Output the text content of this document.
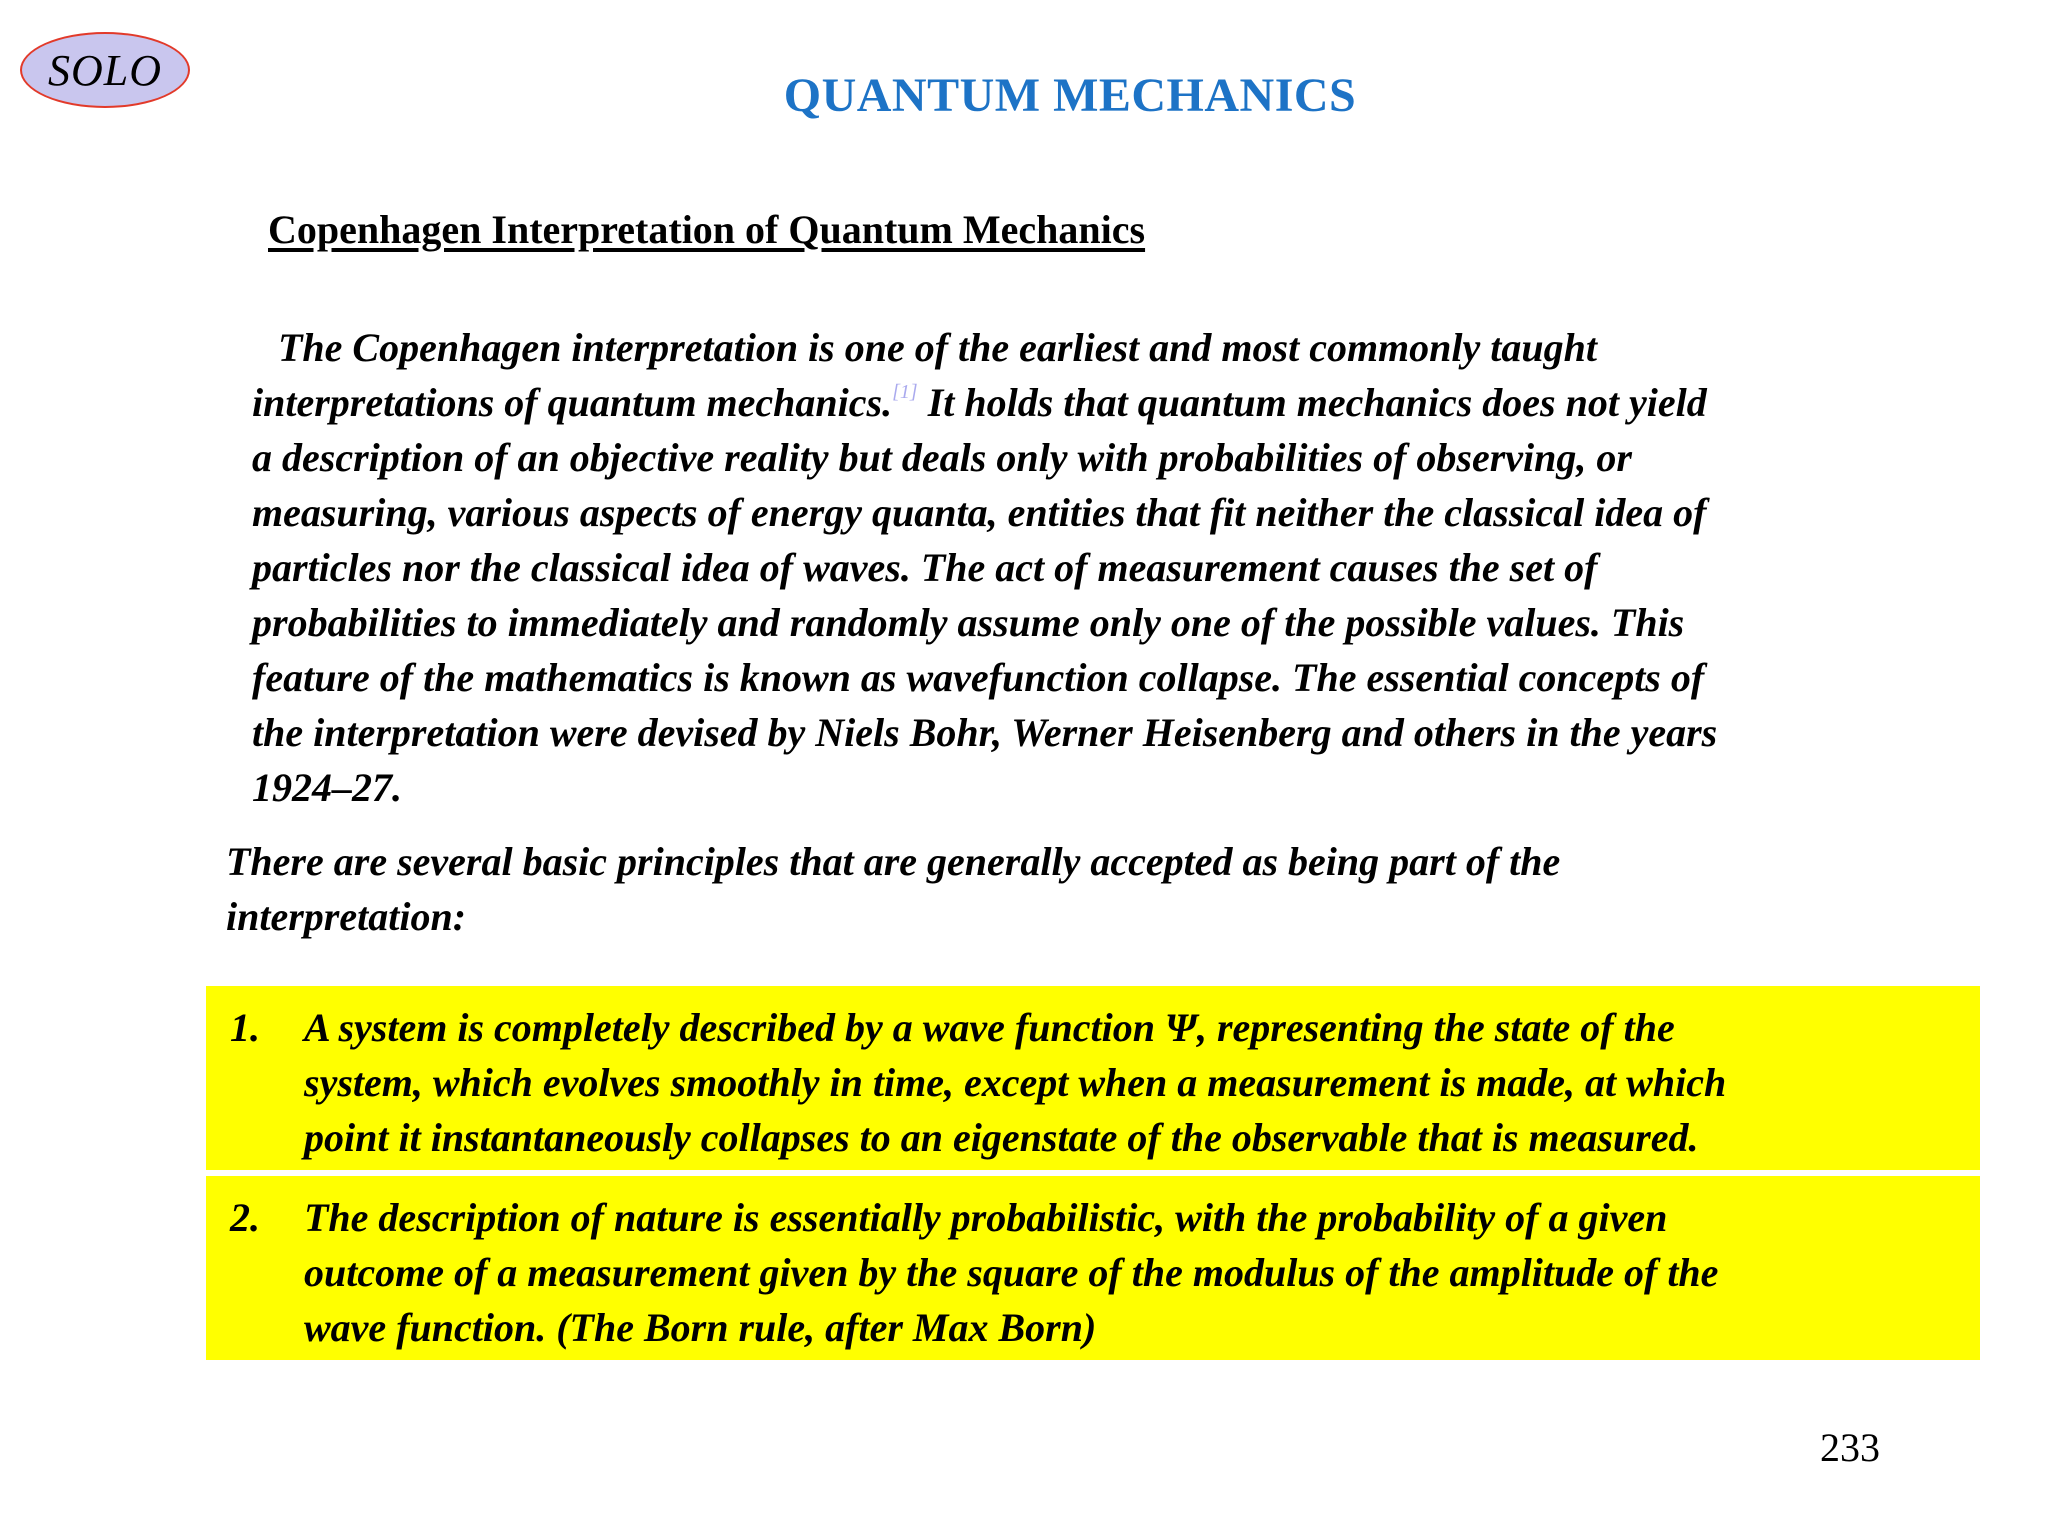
SOLO	QUANTUM MECHANICS
Copenhagen Interpretation of Quantum Mechanics
The Copenhagen interpretation is one of the earliest and most commonly taught
interpretations of quantum mechanics.[1] It holds that quantum mechanics does not yield
a description of an objective reality but deals only with probabilities of observing, or
measuring, various aspects of energy quanta, entities that fit neither the classical idea of
particles nor the classical idea of waves. The act of measurement causes the set of
probabilities to immediately and randomly assume only one of the possible values. This
feature of the mathematics is known as wavefunction collapse. The essential concepts of
the interpretation were devised by Niels Bohr, Werner Heisenberg and others in the years
1924–27.
There are several basic principles that are generally accepted as being part of the
interpretation:
1. A system is completely described by a wave function Ψ, representing the state of the
system, which evolves smoothly in time, except when a measurement is made, at which
point it instantaneously collapses to an eigenstate of the observable that is measured.
2. The description of nature is essentially probabilistic, with the probability of a given
outcome of a measurement given by the square of the modulus of the amplitude of the
wave function. (The Born rule, after Max Born)
233
